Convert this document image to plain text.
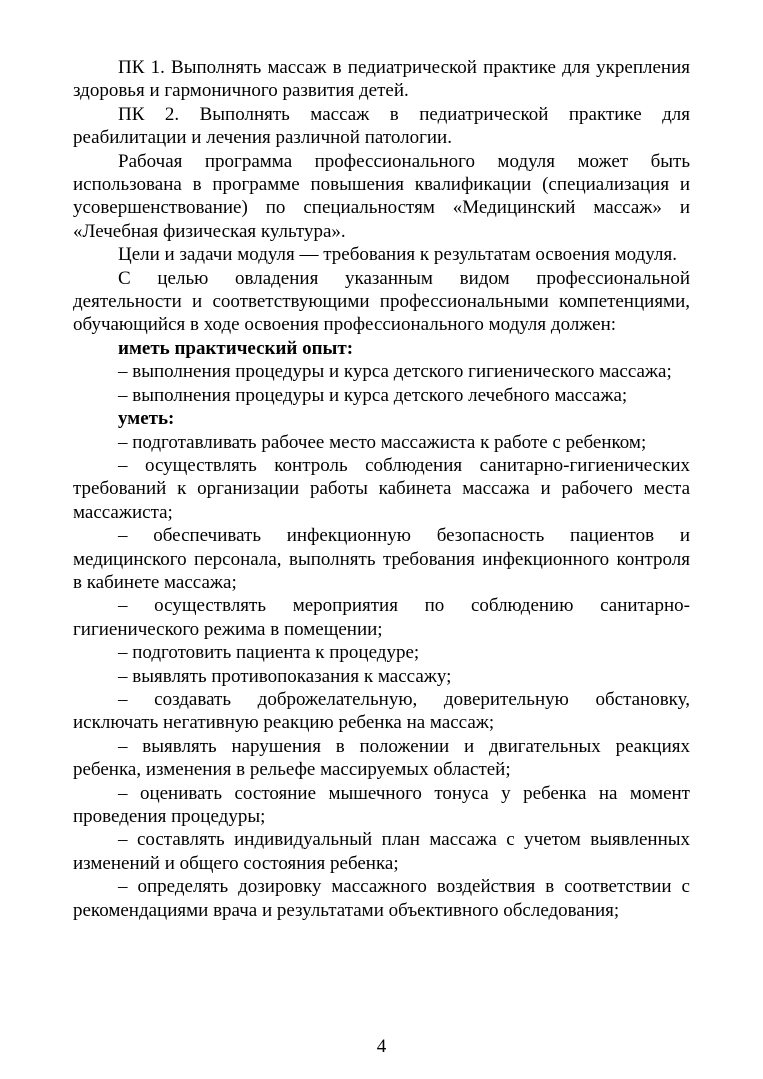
ПК 1. Выполнять массаж в педиатрической практике для укрепления здоровья и гармоничного развития детей.

ПК 2. Выполнять массаж в педиатрической практике для реабилитации и лечения различной патологии.

Рабочая программа профессионального модуля может быть использована в программе повышения квалификации (специализация и усовершенствование) по специальностям «Медицинский массаж» и «Лечебная физическая культура».

Цели и задачи модуля — требования к результатам освоения модуля.

С целью овладения указанным видом профессиональной деятельности и соответствующими профессиональными компетенциями, обучающийся в ходе освоения профессионального модуля должен:

иметь практический опыт:

– выполнения процедуры и курса детского гигиенического массажа;

– выполнения процедуры и курса детского лечебного массажа;

уметь:

– подготавливать рабочее место массажиста к работе с ребенком;

– осуществлять контроль соблюдения санитарно-гигиенических требований к организации работы кабинета массажа и рабочего места массажиста;

– обеспечивать инфекционную безопасность пациентов и медицинского персонала, выполнять требования инфекционного контроля в кабинете массажа;

– осуществлять мероприятия по соблюдению санитарно-гигиенического режима в помещении;

– подготовить пациента к процедуре;

– выявлять противопоказания к массажу;

– создавать доброжелательную, доверительную обстановку, исключать негативную реакцию ребенка на массаж;

– выявлять нарушения в положении и двигательных реакциях ребенка, изменения в рельефе массируемых областей;

– оценивать состояние мышечного тонуса у ребенка на момент проведения процедуры;

– составлять индивидуальный план массажа с учетом выявленных изменений и общего состояния ребенка;

– определять дозировку массажного воздействия в соответствии с рекомендациями врача и результатами объективного обследования;

4
